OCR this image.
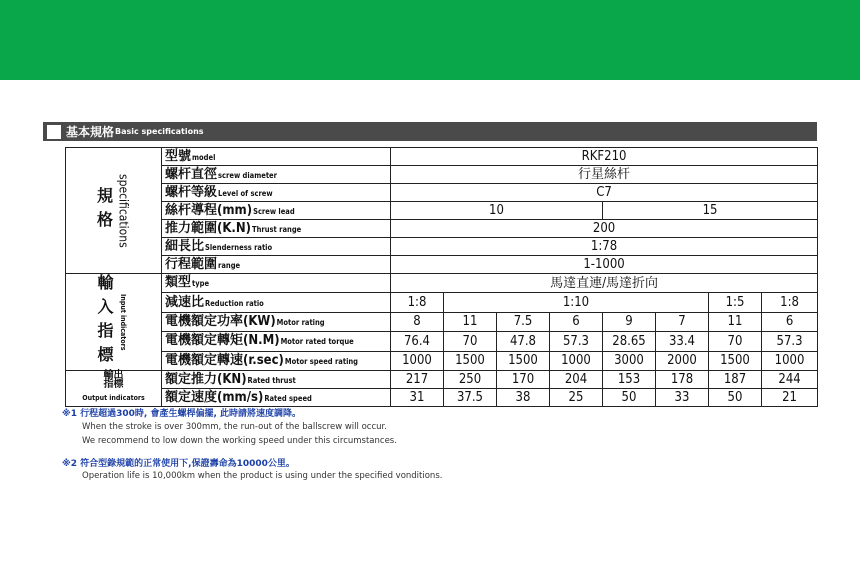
基本規格 Basic specifications
規格 specifications	型號model	RKF210							
	螺杆直徑screw diameter	行星絲杆							
	螺杆等級Level of screw	C7							
	絲杆導程(mm)Screw lead	10				15			
	推力範圍(K.N)Thrust range	200							
	細長比Slenderness ratio	1:78							
	行程範圍range	1-1000							

輸入指標 Input indicators	類型type	馬達直連/馬達折向							
	減速比Reduction ratio	1:8	1:10					1:5	1:8
	電機額定功率(KW)Motor rating	8	11	7.5	6	9	7	11	6
	電機額定轉矩(N.M)Motor rated torque	76.4	70	47.8	57.3	28.65	33.4	70	57.3
	電機額定轉速(r.sec)Motor speed rating	1000	1500	1500	1000	3000	2000	1500	1000

輸出
指標
Output indicators	額定推力(KN)Rated thrust	217	250	170	204	153	178	187	244
	額定速度(mm/s)Rated speed	31	37.5	38	25	50	33	50	21
※1 行程超過300時, 會產生螺桿偏擺, 此時請將速度調降。
When the stroke is over 300mm, the run-out of the ballscrew will occur.
We recommend to low down the working speed under this circumstances.
※2 符合型錄規範的正常使用下,保證壽命為10000公里。
Operation life is 10,000km when the product is using under the specified vonditions.
